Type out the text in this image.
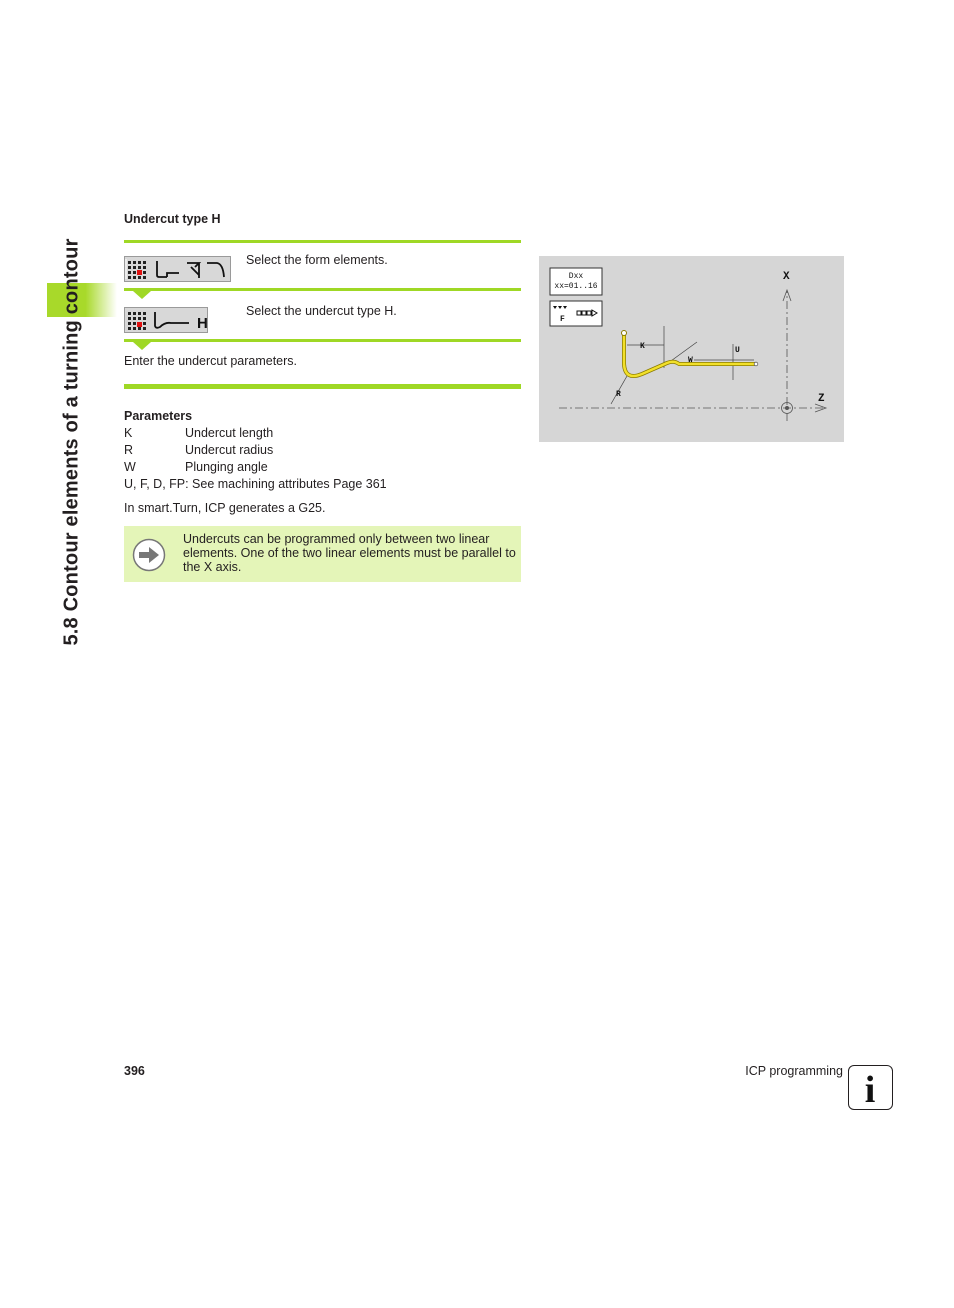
5.8 Contour elements of a turning contour
Undercut type H
Select the form elements.
H
Select the undercut type H.
Enter the undercut parameters.
Parameters
K	Undercut length
R	Undercut radius
W	Plunging angle
U, F, D, FP: See machining attributes Page 361
In smart.Turn, ICP generates a G25.
Undercuts can be programmed only between two linear elements. One of the two linear elements must be parallel to the X axis.
Dxx
xx=01..16
F
X
Z
K
W
U
R
396	ICP programming i
